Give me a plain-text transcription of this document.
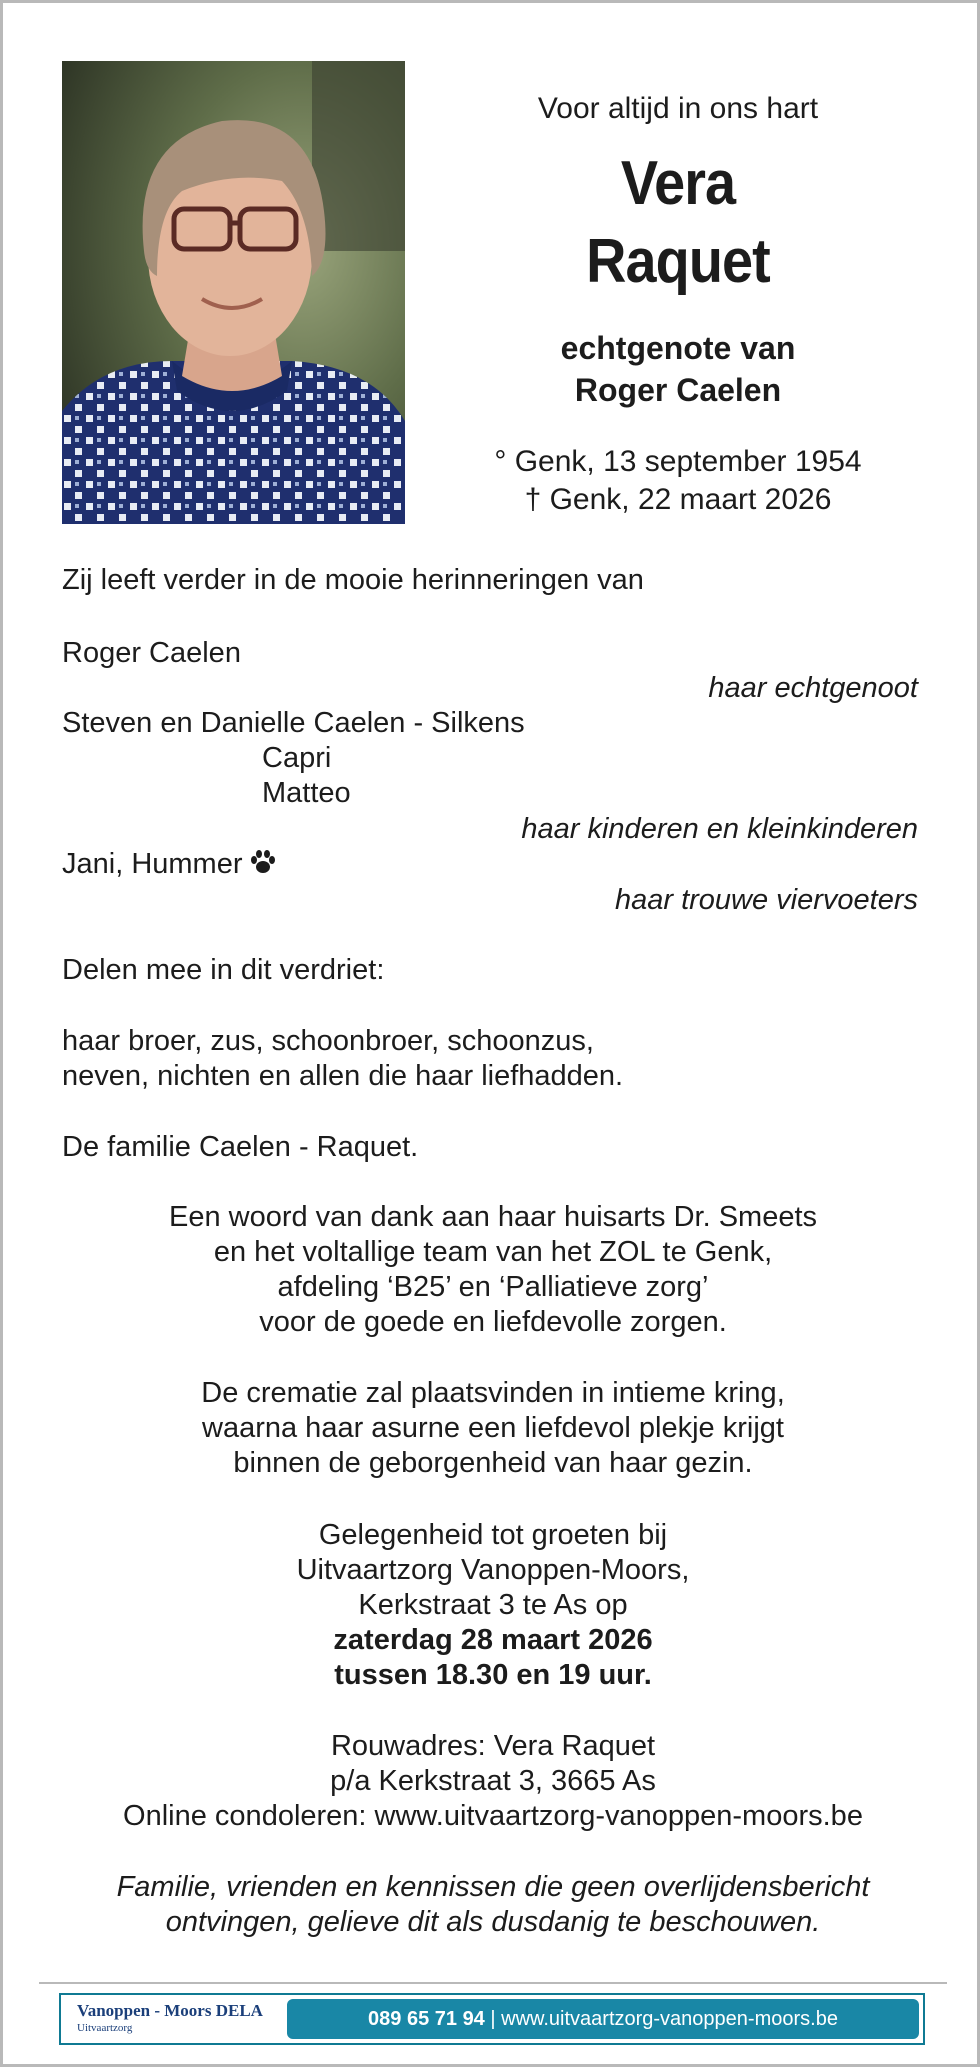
Voor altijd in ons hart
Vera
Raquet
echtgenote van
Roger Caelen
° Genk, 13 september 1954
† Genk, 22 maart 2026
Zij leeft verder in de mooie herinneringen van
Roger Caelen
haar echtgenoot
Steven en Danielle Caelen - Silkens
Capri
Matteo
haar kinderen en kleinkinderen
Jani, Hummer
haar trouwe viervoeters
Delen mee in dit verdriet:
haar broer, zus, schoonbroer, schoonzus,
neven, nichten en allen die haar liefhadden.
De familie Caelen - Raquet.
Een woord van dank aan haar huisarts Dr. Smeets
en het voltallige team van het ZOL te Genk,
afdeling ‘B25’ en ‘Palliatieve zorg’
voor de goede en liefdevolle zorgen.
De crematie zal plaatsvinden in intieme kring,
waarna haar asurne een liefdevol plekje krijgt
binnen de geborgenheid van haar gezin.
Gelegenheid tot groeten bij
Uitvaartzorg Vanoppen-Moors,
Kerkstraat 3 te As op
zaterdag 28 maart 2026
tussen 18.30 en 19 uur.
Rouwadres: Vera Raquet
p/a Kerkstraat 3, 3665 As
Online condoleren: www.uitvaartzorg-vanoppen-moors.be
Familie, vrienden en kennissen die geen overlijdensbericht
ontvingen, gelieve dit als dusdanig te beschouwen.
Vanoppen - Moors DELA
Uitvaartzorg	089 65 71 94 | www.uitvaartzorg-vanoppen-moors.be
